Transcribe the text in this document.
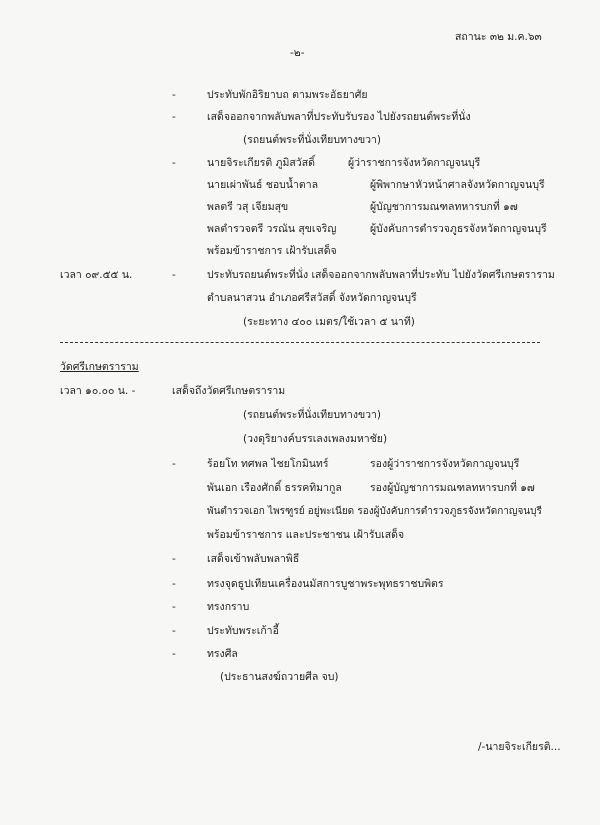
สถานะ ๓๒ ม.ค.๖๓
-๒-
-	ประทับพักอิริยาบถ ตามพระอัธยาศัย
-	เสด็จออกจากพลับพลาที่ประทับรับรอง ไปยังรถยนต์พระที่นั่ง
(รถยนต์พระที่นั่งเทียบทางขวา)
-	นายจิระเกียรติ ภูมิสวัสดิ์	ผู้ว่าราชการจังหวัดกาญจนบุรี
นายเผ่าพันธ์ ชอบน้ำตาล	ผู้พิพากษาหัวหน้าศาลจังหวัดกาญจนบุรี
พลตรี วสุ เจียมสุข	ผู้บัญชาการมณฑลทหารบกที่ ๑๗
พลตำรวจตรี วรณัน สุขเจริญ	ผู้บังคับการตำรวจภูธรจังหวัดกาญจนบุรี
พร้อมข้าราชการ เฝ้ารับเสด็จ
เวลา ๐๙.๕๕ น.	-	ประทับรถยนต์พระที่นั่ง เสด็จออกจากพลับพลาที่ประทับ ไปยังวัดศรีเกษตราราม
ตำบลนาสวน อำเภอศรีสวัสดิ์ จังหวัดกาญจนบุรี
(ระยะทาง ๔๐๐ เมตร/ใช้เวลา ๕ นาที)
วัดศรีเกษตราราม
เวลา ๑๐.๐๐ น. -	เสด็จถึงวัดศรีเกษตราราม
(รถยนต์พระที่นั่งเทียบทางขวา)
(วงดุริยางค์บรรเลงเพลงมหาชัย)
-	ร้อยโท ทศพล ไชยโกมินทร์	รองผู้ว่าราชการจังหวัดกาญจนบุรี
พันเอก เรืองศักดิ์ ธรรคทิมากูล	รองผู้บัญชาการมณฑลทหารบกที่ ๑๗
พันตำรวจเอก ไพรฑูรย์ อยู่พะเนียด รองผู้บังคับการตำรวจภูธรจังหวัดกาญจนบุรี
พร้อมข้าราชการ และประชาชน เฝ้ารับเสด็จ
-	เสด็จเข้าพลับพลาพิธี
-	ทรงจุดธูปเทียนเครื่องนมัสการบูชาพระพุทธราชบพิตร
-	ทรงกราบ
-	ประทับพระเก้าอี้
-	ทรงศีล
(ประธานสงฆ์ถวายศีล จบ)
/-นายจิระเกียรติ...
